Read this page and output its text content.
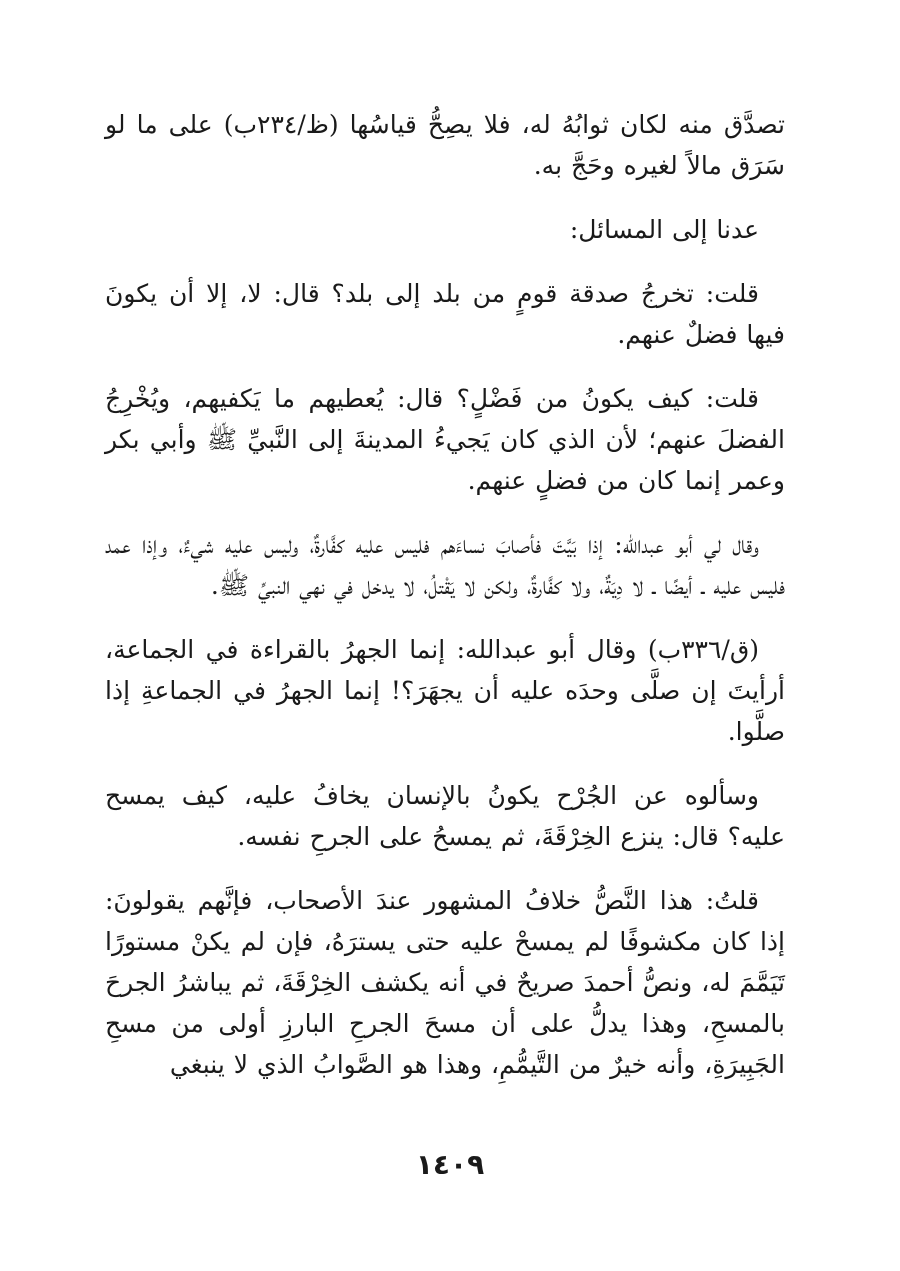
تصدَّق منه لكان ثوابُهُ له، فلا يصِحُّ قياسُها (ظ/٢٣٤ب) على ما لو سَرَق مالاً لغيره وحَجَّ به.

عدنا إلى المسائل:

قلت: تخرجُ صدقة قومٍ من بلد إلى بلد؟ قال: لا، إلا أن يكونَ فيها فضلٌ عنهم.

قلت: كيف يكونُ من فَضْلٍ؟ قال: يُعطيهم ما يَكفيهم، ويُخْرِجُ الفضلَ عنهم؛ لأن الذي كان يَجيءُ المدينةَ إلى النَّبيِّ ﷺ وأبي بكر وعمر إنما كان من فضلٍ عنهم.

وقال لي أبو عبدالله: إذا بَيَّتَ فأصابَ نساءَهم فليس عليه كفَّارةٌ، وليس عليه شيءٌ، وإذا عمد فليس عليه ـ أيضًا ـ لا دِيَةٌ، ولا كفَّارةٌ، ولكن لا يَقْتلُ، لا يدخل في نهي النبيِّ ﷺ.

(ق/٣٣٦ب) وقال أبو عبدالله: إنما الجهرُ بالقراءة في الجماعة، أرأيتَ إن صلَّى وحدَه عليه أن يجهَرَ؟! إنما الجهرُ في الجماعةِ إذا صلَّوا.

وسألوه عن الجُرْح يكونُ بالإنسان يخافُ عليه، كيف يمسح عليه؟ قال: ينزع الخِرْقَةَ، ثم يمسحُ على الجرحِ نفسه.

قلتُ: هذا النَّصُّ خلافُ المشهور عندَ الأصحاب، فإنَّهم يقولونَ: إذا كان مكشوفًا لم يمسحْ عليه حتى يسترَهُ، فإن لم يكنْ مستورًا تَيَمَّمَ له، ونصُّ أحمدَ صريحٌ في أنه يكشف الخِرْقَةَ، ثم يباشرُ الجرحَ بالمسحِ، وهذا يدلُّ على أن مسحَ الجرحِ البارزِ أولى من مسحِ الجَبِيرَةِ، وأنه خيرٌ من التَّيمُّمِ، وهذا هو الصَّوابُ الذي لا ينبغي

١٤٠٩
